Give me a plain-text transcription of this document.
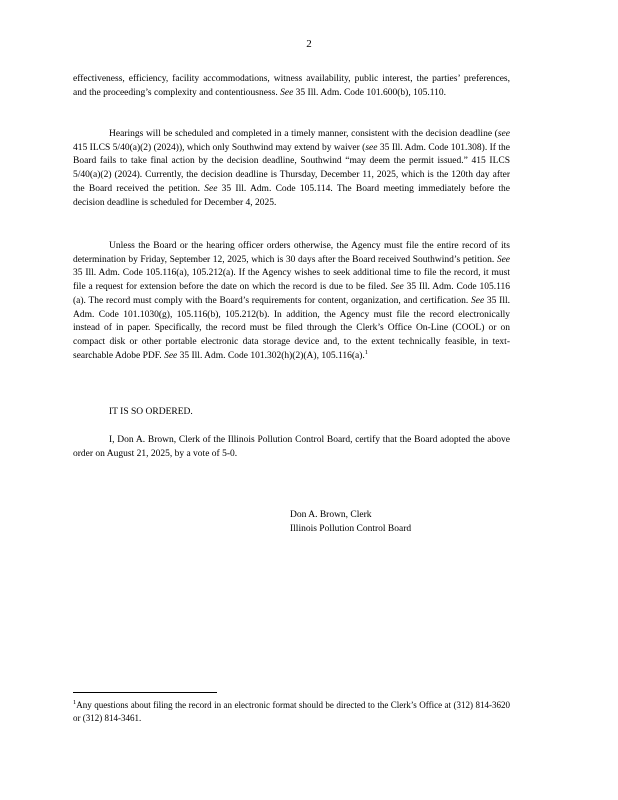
2

effectiveness, efficiency, facility accommodations, witness availability, public interest, the parties’ preferences, and the proceeding’s complexity and contentiousness. See 35 Ill. Adm. Code 101.600(b), 105.110.

Hearings will be scheduled and completed in a timely manner, consistent with the decision deadline (see 415 ILCS 5/40(a)(2) (2024)), which only Southwind may extend by waiver (see 35 Ill. Adm. Code 101.308). If the Board fails to take final action by the decision deadline, Southwind “may deem the permit issued.” 415 ILCS 5/40(a)(2) (2024). Currently, the decision deadline is Thursday, December 11, 2025, which is the 120th day after the Board received the petition. See 35 Ill. Adm. Code 105.114. The Board meeting immediately before the decision deadline is scheduled for December 4, 2025.

Unless the Board or the hearing officer orders otherwise, the Agency must file the entire record of its determination by Friday, September 12, 2025, which is 30 days after the Board received Southwind’s petition. See 35 Ill. Adm. Code 105.116(a), 105.212(a). If the Agency wishes to seek additional time to file the record, it must file a request for extension before the date on which the record is due to be filed. See 35 Ill. Adm. Code 105.116 (a). The record must comply with the Board’s requirements for content, organization, and certification. See 35 Ill. Adm. Code 101.1030(g), 105.116(b), 105.212(b). In addition, the Agency must file the record electronically instead of in paper. Specifically, the record must be filed through the Clerk’s Office On-Line (COOL) or on compact disk or other portable electronic data storage device and, to the extent technically feasible, in text-searchable Adobe PDF. See 35 Ill. Adm. Code 101.302(h)(2)(A), 105.116(a).$^1$

IT IS SO ORDERED.

I, Don A. Brown, Clerk of the Illinois Pollution Control Board, certify that the Board adopted the above order on August 21, 2025, by a vote of 5-0.

Don A. Brown, Clerk
Illinois Pollution Control Board

$^1$Any questions about filing the record in an electronic format should be directed to the Clerk’s Office at (312) 814-3620 or (312) 814-3461.
